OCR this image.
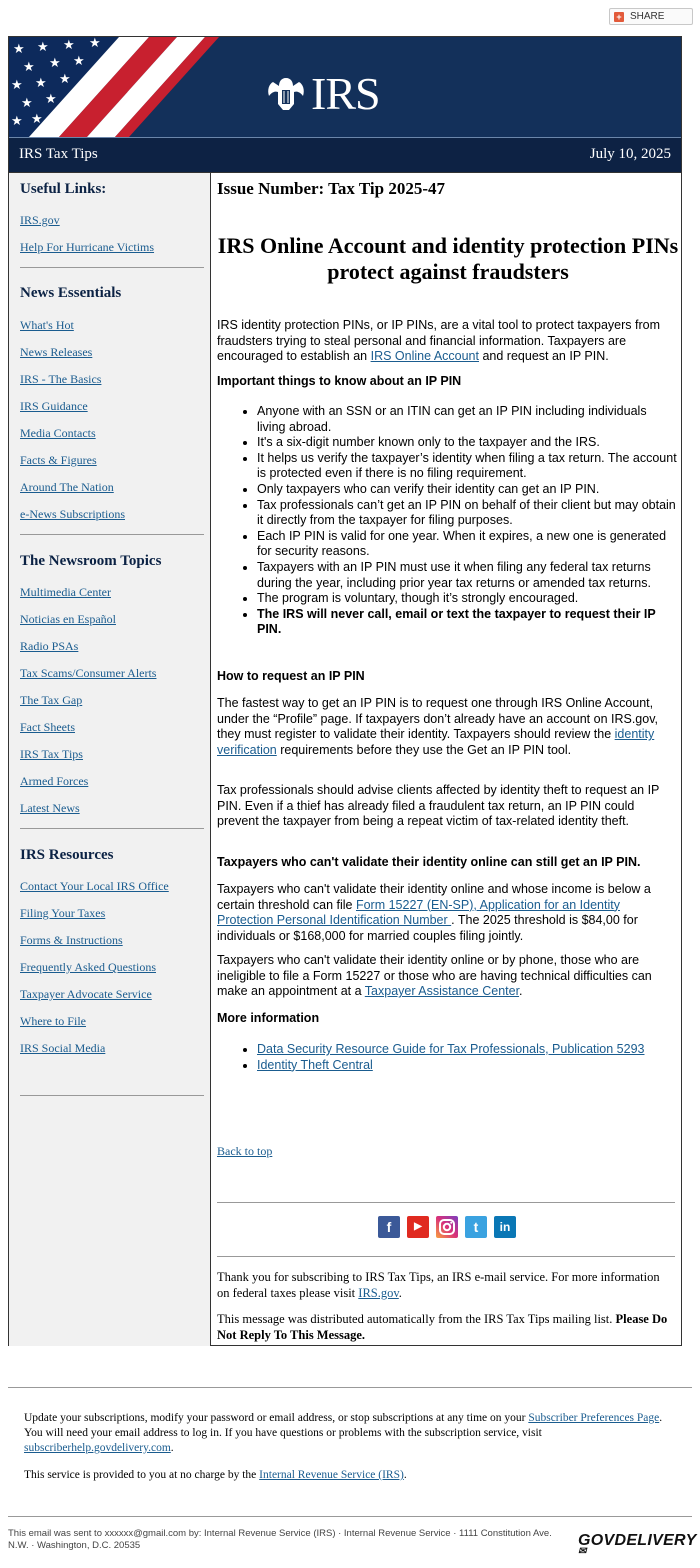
+ SHARE
★ ★ ★ ★
★ ★ ★
★ ★ ★
★ ★
★ ★
IRS
IRS Tax Tips	July 10, 2025
Useful Links:
IRS.gov
Help For Hurricane Victims
News Essentials
What's Hot
News Releases
IRS - The Basics
IRS Guidance
Media Contacts
Facts & Figures
Around The Nation
e-News Subscriptions
The Newsroom Topics
Multimedia Center
Noticias en Español
Radio PSAs
Tax Scams/Consumer Alerts
The Tax Gap
Fact Sheets
IRS Tax Tips
Armed Forces
Latest News
IRS Resources
Contact Your Local IRS Office
Filing Your Taxes
Forms & Instructions
Frequently Asked Questions
Taxpayer Advocate Service
Where to File
IRS Social Media
Issue Number: Tax Tip 2025-47
IRS Online Account and identity protection PINs protect against fraudsters

IRS identity protection PINs, or IP PINs, are a vital tool to protect taxpayers from fraudsters trying to steal personal and financial information. Taxpayers are encouraged to establish an IRS Online Account and request an IP PIN.

Important things to know about an IP PIN
• Anyone with an SSN or an ITIN can get an IP PIN including individuals living abroad.
• It's a six-digit number known only to the taxpayer and the IRS.
• It helps us verify the taxpayer’s identity when filing a tax return. The account is protected even if there is no filing requirement.
• Only taxpayers who can verify their identity can get an IP PIN.
• Tax professionals can’t get an IP PIN on behalf of their client but may obtain it directly from the taxpayer for filing purposes.
• Each IP PIN is valid for one year. When it expires, a new one is generated for security reasons.
• Taxpayers with an IP PIN must use it when filing any federal tax returns during the year, including prior year tax returns or amended tax returns.
• The program is voluntary, though it’s strongly encouraged.
• The IRS will never call, email or text the taxpayer to request their IP PIN.
How to request an IP PIN

The fastest way to get an IP PIN is to request one through IRS Online Account, under the “Profile” page. If taxpayers don’t already have an account on IRS.gov, they must register to validate their identity. Taxpayers should review the identity verification requirements before they use the Get an IP PIN tool.

Tax professionals should advise clients affected by identity theft to request an IP PIN. Even if a thief has already filed a fraudulent tax return, an IP PIN could prevent the taxpayer from being a repeat victim of tax-related identity theft.

Taxpayers who can't validate their identity online can still get an IP PIN.

Taxpayers who can't validate their identity online and whose income is below a certain threshold can file Form 15227 (EN-SP), Application for an Identity Protection Personal Identification Number . The 2025 threshold is $84,00 for individuals or $168,000 for married couples filing jointly.

Taxpayers who can't validate their identity online or by phone, those who are ineligible to file a Form 15227 or those who are having technical difficulties can make an appointment at a Taxpayer Assistance Center.

More information
• Data Security Resource Guide for Tax Professionals, Publication 5293
• Identity Theft Central
Back to top
f	▶	t	in

Thank you for subscribing to IRS Tax Tips, an IRS e-mail service. For more information on federal taxes please visit IRS.gov.

This message was distributed automatically from the IRS Tax Tips mailing list. Please Do Not Reply To This Message.

Update your subscriptions, modify your password or email address, or stop subscriptions at any time on your Subscriber Preferences Page. You will need your email address to log in. If you have questions or problems with the subscription service, visit subscriberhelp.govdelivery.com.

This service is provided to you at no charge by the Internal Revenue Service (IRS).

This email was sent to xxxxxx@gmail.com by: Internal Revenue Service (IRS) · Internal Revenue Service · 1111 Constitution Ave. N.W. · Washington, D.C. 20535	GOVDELIVERY✉
